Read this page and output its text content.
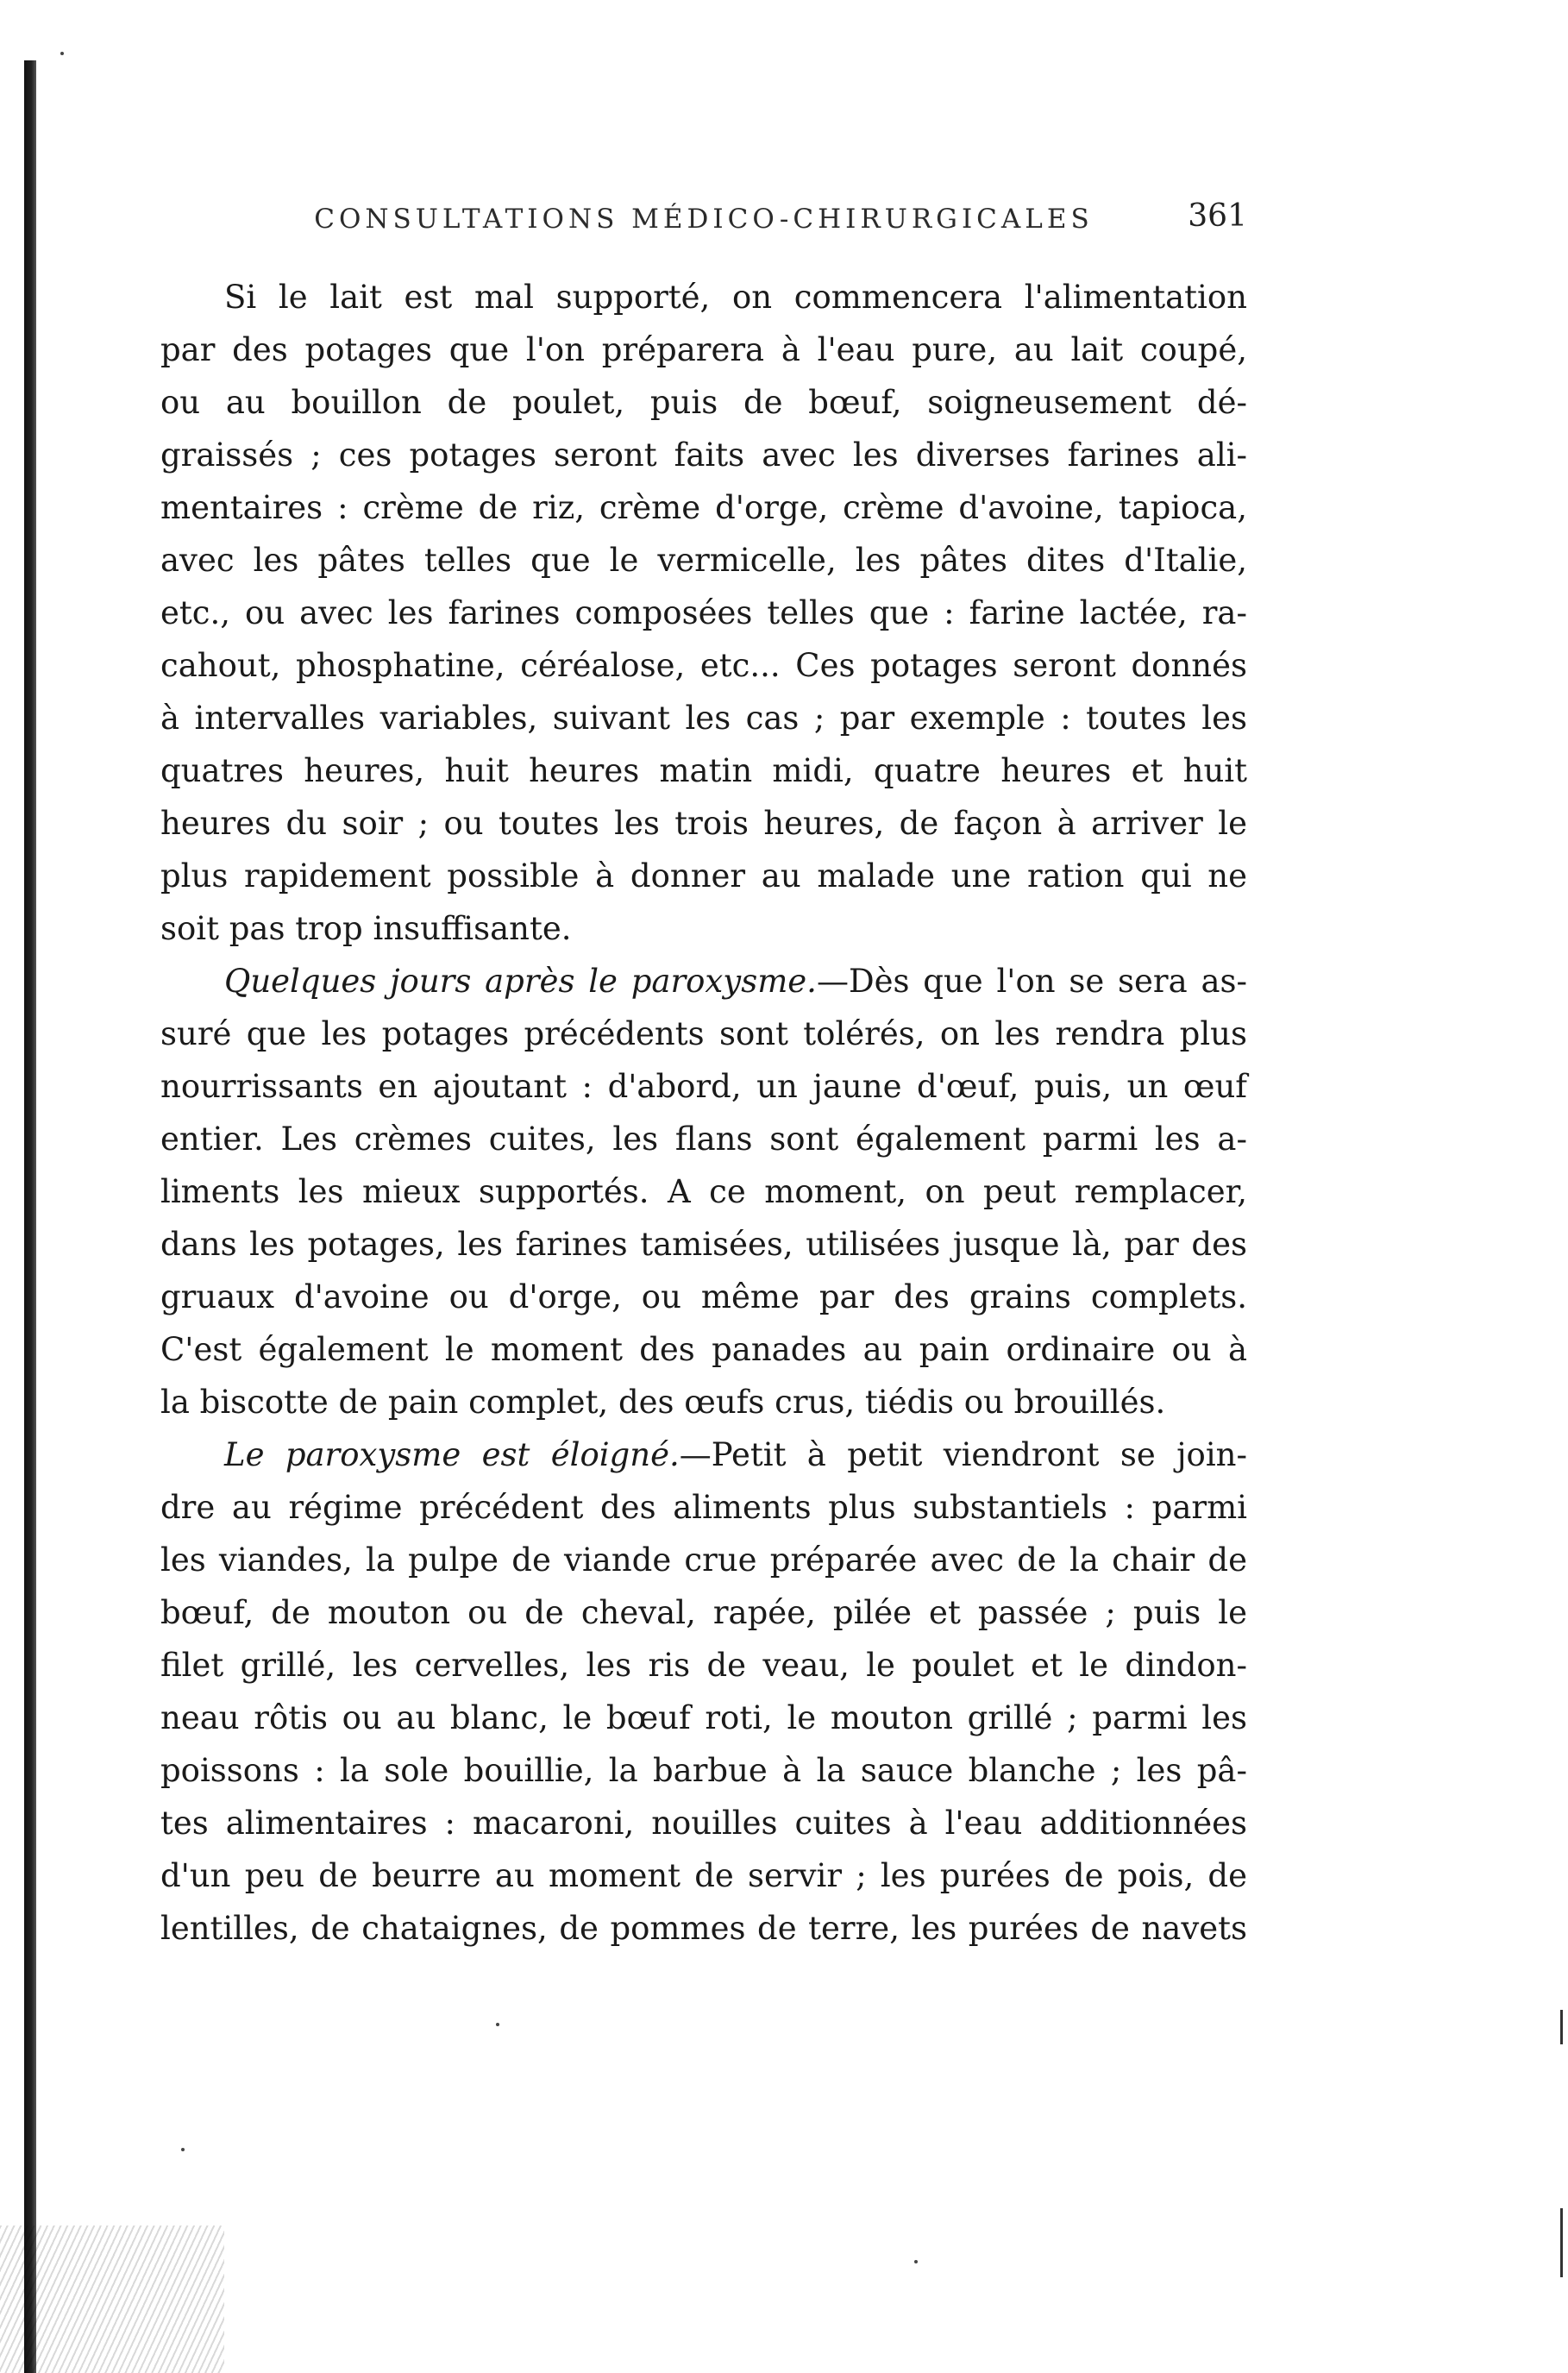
CONSULTATIONS MÉDICO-CHIRURGICALES	361
Si le lait est mal supporté, on commencera l'alimentation
par des potages que l'on préparera à l'eau pure, au lait coupé,
ou au bouillon de poulet, puis de bœuf, soigneusement dé-
graissés ; ces potages seront faits avec les diverses farines ali-
mentaires : crème de riz, crème d'orge, crème d'avoine, tapioca,
avec les pâtes telles que le vermicelle, les pâtes dites d'Italie,
etc., ou avec les farines composées telles que : farine lactée, ra-
cahout, phosphatine, céréalose, etc... Ces potages seront donnés
à intervalles variables, suivant les cas ; par exemple : toutes les
quatres heures, huit heures matin midi, quatre heures et huit
heures du soir ; ou toutes les trois heures, de façon à arriver le
plus rapidement possible à donner au malade une ration qui ne
soit pas trop insuffisante.
Quelques jours après le paroxysme.—Dès que l'on se sera as-
suré que les potages précédents sont tolérés, on les rendra plus
nourrissants en ajoutant : d'abord, un jaune d'œuf, puis, un œuf
entier. Les crèmes cuites, les flans sont également parmi les a-
liments les mieux supportés. A ce moment, on peut remplacer,
dans les potages, les farines tamisées, utilisées jusque là, par des
gruaux d'avoine ou d'orge, ou même par des grains complets.
C'est également le moment des panades au pain ordinaire ou à
la biscotte de pain complet, des œufs crus, tiédis ou brouillés.
Le paroxysme est éloigné.—Petit à petit viendront se join-
dre au régime précédent des aliments plus substantiels : parmi
les viandes, la pulpe de viande crue préparée avec de la chair de
bœuf, de mouton ou de cheval, rapée, pilée et passée ; puis le
filet grillé, les cervelles, les ris de veau, le poulet et le dindon-
neau rôtis ou au blanc, le bœuf roti, le mouton grillé ; parmi les
poissons : la sole bouillie, la barbue à la sauce blanche ; les pâ-
tes alimentaires : macaroni, nouilles cuites à l'eau additionnées
d'un peu de beurre au moment de servir ; les purées de pois, de
lentilles, de chataignes, de pommes de terre, les purées de navets
